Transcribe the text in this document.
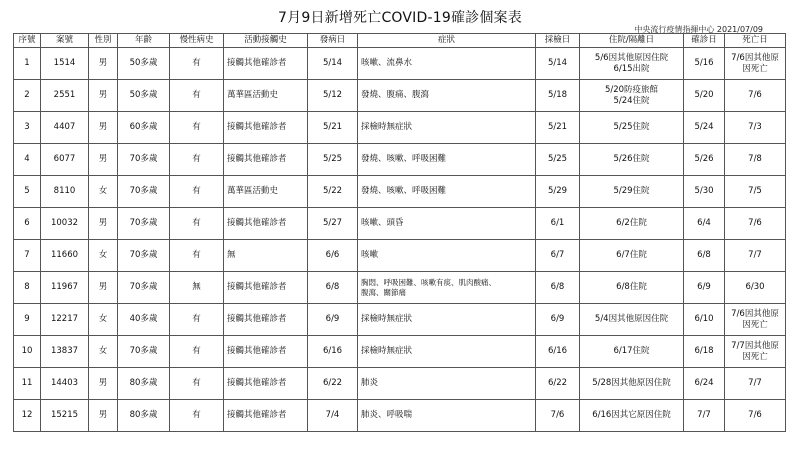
7月9日新增死亡COVID-19確診個案表
中央流行疫情指揮中心 2021/07/09
序號	案號	性別	年齡	慢性病史	活動接觸史	發病日	症狀	採檢日	住院/隔離日	確診日	死亡日
1	1514	男	50多歲	有	接觸其他確診者	5/14	咳嗽、流鼻水	5/14	5/6因其他原因住院
6/15出院	5/16	7/6因其他原因死亡
2	2551	男	50多歲	有	萬華區活動史	5/12	發燒、腹痛、腹瀉	5/18	5/20防疫旅館
5/24住院	5/20	7/6
3	4407	男	60多歲	有	接觸其他確診者	5/21	採檢時無症狀	5/21	5/25住院	5/24	7/3
4	6077	男	70多歲	有	接觸其他確診者	5/25	發燒、咳嗽、呼吸困難	5/25	5/26住院	5/26	7/8
5	8110	女	70多歲	有	萬華區活動史	5/22	發燒、咳嗽、呼吸困難	5/29	5/29住院	5/30	7/5
6	10032	男	70多歲	有	接觸其他確診者	5/27	咳嗽、頭昏	6/1	6/2住院	6/4	7/6
7	11660	女	70多歲	有	無	6/6	咳嗽	6/7	6/7住院	6/8	7/7
8	11967	男	70多歲	無	接觸其他確診者	6/8	胸悶、呼吸困難、咳嗽有痰、肌肉酸痛、
腹瀉、關節痛	6/8	6/8住院	6/9	6/30
9	12217	女	40多歲	有	接觸其他確診者	6/9	採檢時無症狀	6/9	5/4因其他原因住院	6/10	7/6因其他原因死亡
10	13837	女	70多歲	有	接觸其他確診者	6/16	採檢時無症狀	6/16	6/17住院	6/18	7/7因其他原因死亡
11	14403	男	80多歲	有	接觸其他確診者	6/22	肺炎	6/22	5/28因其他原因住院	6/24	7/7
12	15215	男	80多歲	有	接觸其他確診者	7/4	肺炎、呼吸喘	7/6	6/16因其它原因住院	7/7	7/6
